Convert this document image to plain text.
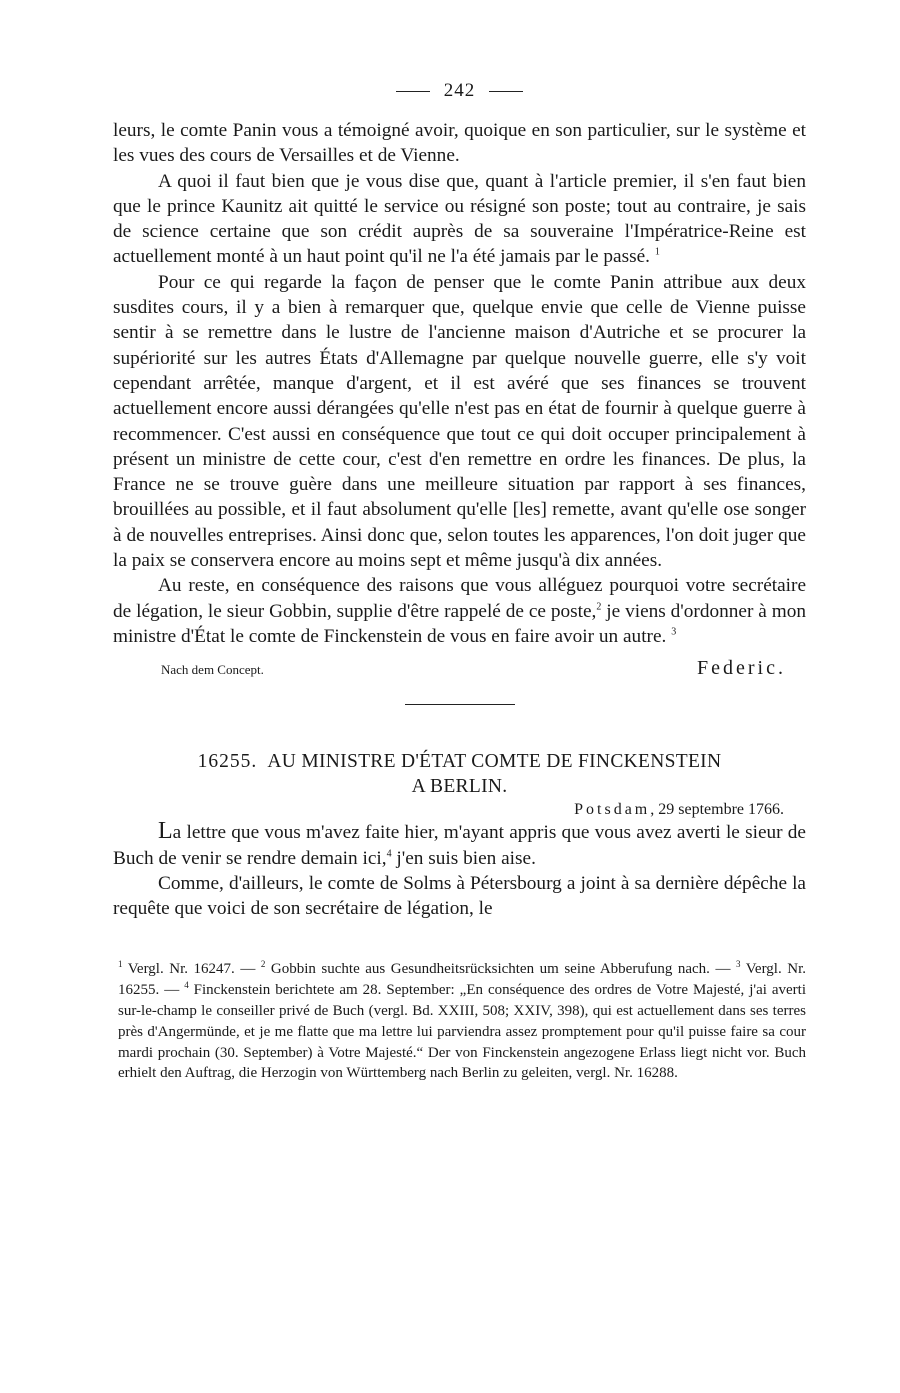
242

leurs, le comte Panin vous a témoigné avoir, quoique en son particulier, sur le système et les vues des cours de Versailles et de Vienne.

A quoi il faut bien que je vous dise que, quant à l'article premier, il s'en faut bien que le prince Kaunitz ait quitté le service ou résigné son poste; tout au contraire, je sais de science certaine que son crédit auprès de sa souveraine l'Impératrice-Reine est actuellement monté à un haut point qu'il ne l'a été jamais par le passé. $^1$

Pour ce qui regarde la façon de penser que le comte Panin attribue aux deux susdites cours, il y a bien à remarquer que, quelque envie que celle de Vienne puisse sentir à se remettre dans le lustre de l'ancienne maison d'Autriche et se procurer la supériorité sur les autres États d'Allemagne par quelque nouvelle guerre, elle s'y voit cependant arrêtée, manque d'argent, et il est avéré que ses finances se trouvent actuellement encore aussi dérangées qu'elle n'est pas en état de fournir à quelque guerre à recommencer. C'est aussi en conséquence que tout ce qui doit occuper principalement à présent un ministre de cette cour, c'est d'en remettre en ordre les finances. De plus, la France ne se trouve guère dans une meilleure situation par rapport à ses finances, brouillées au possible, et il faut absolument qu'elle [les] remette, avant qu'elle ose songer à de nouvelles entreprises. Ainsi donc que, selon toutes les apparences, l'on doit juger que la paix se conservera encore au moins sept et même jusqu'à dix années.

Au reste, en conséquence des raisons que vous alléguez pourquoi votre secrétaire de légation, le sieur Gobbin, supplie d'être rappelé de ce poste,$^2$ je viens d'ordonner à mon ministre d'État le comte de Finckenstein de vous en faire avoir un autre. $^3$

Nach dem Concept.	Federic.
16255. AU MINISTRE D'ÉTAT COMTE DE FINCKENSTEIN
A BERLIN.
Potsdam, 29 septembre 1766.

La lettre que vous m'avez faite hier, m'ayant appris que vous avez averti le sieur de Buch de venir se rendre demain ici,$^4$ j'en suis bien aise.

Comme, d'ailleurs, le comte de Solms à Pétersbourg a joint à sa dernière dépêche la requête que voici de son secrétaire de légation, le

$^1$ Vergl. Nr. 16247. — $^2$ Gobbin suchte aus Gesundheitsrücksichten um seine Abberufung nach. — $^3$ Vergl. Nr. 16255. — $^4$ Finckenstein berichtete am 28. September: „En conséquence des ordres de Votre Majesté, j'ai averti sur-le-champ le conseiller privé de Buch (vergl. Bd. XXIII, 508; XXIV, 398), qui est actuellement dans ses terres près d'Angermünde, et je me flatte que ma lettre lui parviendra assez promptement pour qu'il puisse faire sa cour mardi prochain (30. September) à Votre Majesté.“ Der von Finckenstein angezogene Erlass liegt nicht vor. Buch erhielt den Auftrag, die Herzogin von Württemberg nach Berlin zu geleiten, vergl. Nr. 16288.
